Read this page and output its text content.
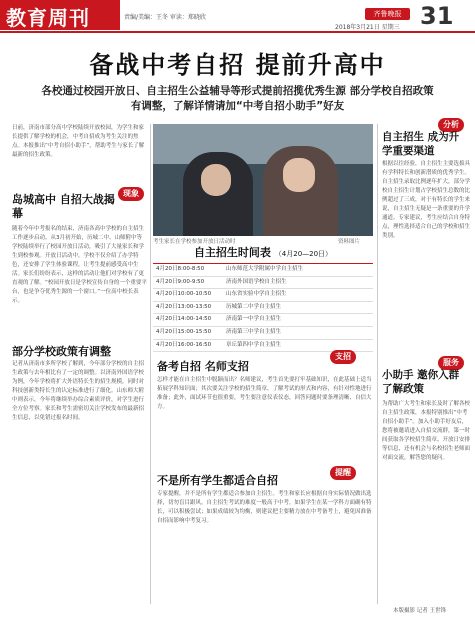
教育周刊	责编/美编：王冬 审读：郑晓欣	齐鲁晚报
2018年3月21日 星期三 31
备战中考自招 提前升高中
各校通过校园开放日、自主招生公益辅导等形式提前招揽优秀生源 部分学校自招政策有调整，了解详情请加“中考自招小助手”好友
日前，济南市部分高中学校陆续开放校园，为学生和家长提供了解学校的机会，中考自招成为考生关注的焦点。本报推出“中考自招小助手”，帮助考生与家长了解最新的招生政策。
现象
岛城高中 自招大战揭幕
随着今年中考报名的结束，济南各高中学校的自主招生工作逐步启动。从3月初开始，历城二中、山师附中等学校陆续举行了校园开放日活动，吸引了大量家长和学生到校参观。开放日活动中，学校不仅介绍了办学特色，还安排了学生体验课程，让考生提前感受高中生活。家长们纷纷表示，这样的活动让他们对学校有了更直观的了解。“校园开放日是学校宣传自身的一个重要平台，也是争夺优秀生源的一个窗口。”一位高中校长表示。
部分学校政策有调整
记者从济南市多所学校了解到，今年部分学校的自主招生政策与去年相比有了一定的调整。以济南外国语学校为例，今年学校将扩大外语特长生的招生规模，同时对科技创新类特长生的认定标准进行了细化。山东师大附中则表示，今年将继续举办综合素质评价，对学生进行全方位考察。家长和考生需密切关注学校发布的最新招生信息，以免错过报名时间。
考生家长在学校参加开放日活动时	资料图片
自主招生时间表 （4月20—20日）
4月20日8:00-8:50	山东师范大学附属中学自主招生
4月20日9:00-9:50	济南外国语学校自主招生
4月20日10:00-10:50	山东省实验中学自主招生
4月20日13:00-13:50	历城第二中学自主招生
4月20日14:00-14:50	济南第一中学自主招生
4月20日15:00-15:50	济南第三中学自主招生
4月20日16:00-16:50	章丘第四中学自主招生
备考自招 名师支招
支招
怎样才能在自主招生中脱颖而出？名师建议，考生首先要打牢基础知识，在此基础上适当拓展学科知识面；其次要关注学校的招生简章，了解考试的形式和内容，有针对性地进行准备；此外，面试环节也很重要，考生要注意仪表仪态，回答问题时要条理清晰、自信大方。
不是所有学生都适合自招
提醒
专家提醒，并不是所有学生都适合参加自主招生。考生和家长应根据自身实际情况做出选择，切勿盲目跟风。自主招生考试的难度一般高于中考，如果学生在某一学科方面确有特长，可以积极尝试；如果成绩较为均衡，则建议把主要精力放在中考备考上，避免因准备自招而影响中考复习。
分析
自主招生 成为升学重要渠道
根据以往经验，自主招生主要选拔具有学科特长和创新潜质的优秀学生。自主招生录取比例逐年扩大，部分学校自主招生计划占学校招生总数的比例超过了三成，对于有特长的学生来说，自主招生无疑是一条重要的升学通道。专家建议，考生应结合自身特点，理性选择适合自己的学校和招生类别。
服务
小助手 邀你入群了解政策
为帮助广大考生和家长及时了解各校自主招生政策，本报特别推出“中考自招小助手”。加入小助手好友后，您将被邀请进入自招交流群，第一时间获取各学校招生简章、开放日安排等信息，还有机会与名校招生老师面对面交流，解答您的疑问。
本版摄影 记者 王世锋
